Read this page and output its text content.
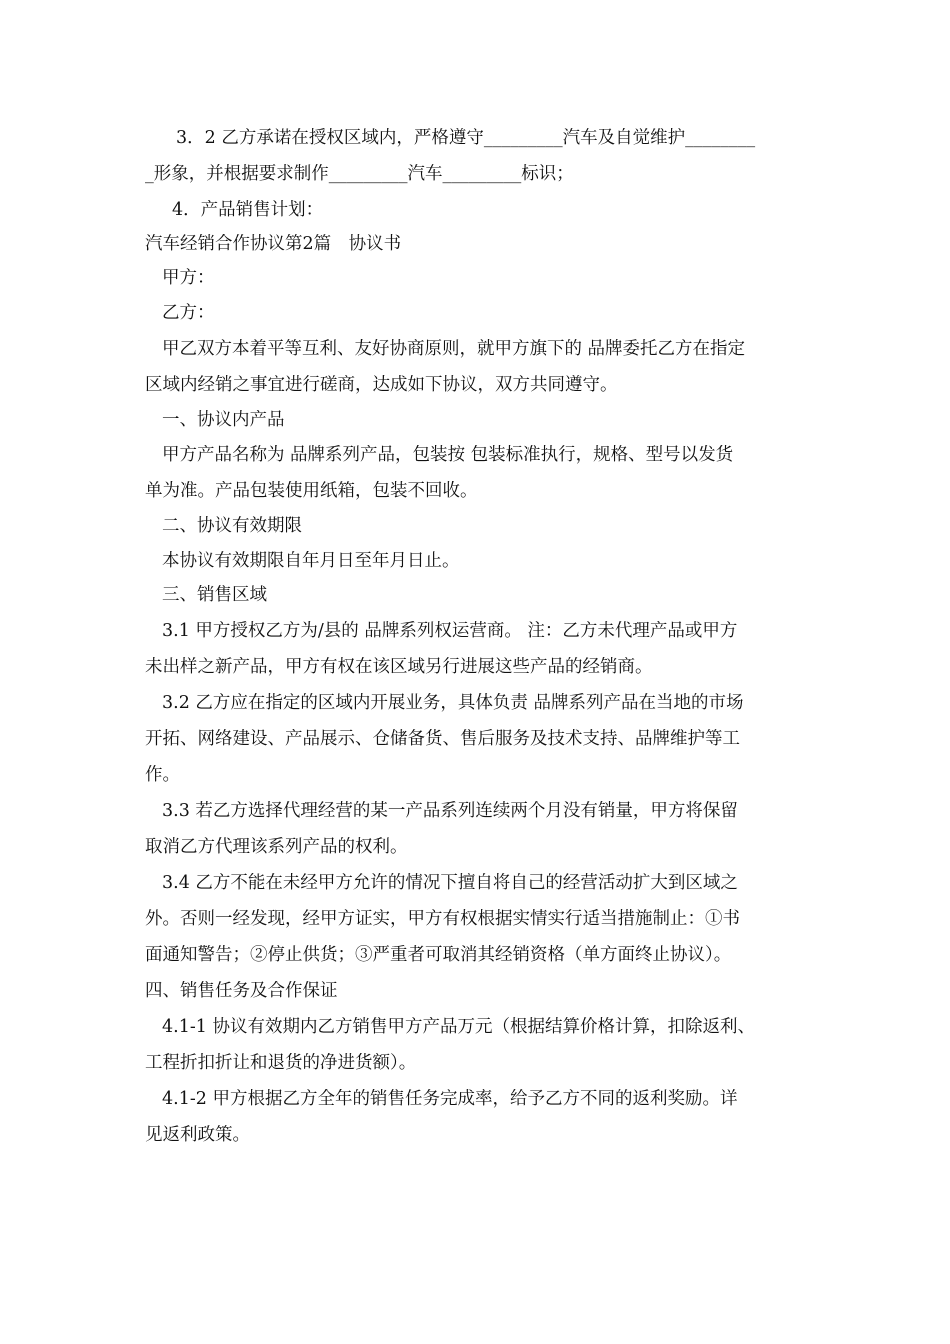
3．2 乙方承诺在授权区域内，严格遵守_________汽车及自觉维护________
_形象，并根据要求制作_________汽车_________标识；
4．产品销售计划：
汽车经销合作协议第2篇　协议书
甲方：
乙方：
甲乙双方本着平等互利、友好协商原则，就甲方旗下的 品牌委托乙方在指定
区域内经销之事宜进行磋商，达成如下协议，双方共同遵守。
一、协议内产品
甲方产品名称为 品牌系列产品，包装按 包装标准执行，规格、型号以发货
单为准。产品包装使用纸箱，包装不回收。
二、协议有效期限
本协议有效期限自年月日至年月日止。
三、销售区域
3.1 甲方授权乙方为/县的 品牌系列权运营商。 注：乙方未代理产品或甲方
未出样之新产品，甲方有权在该区域另行进展这些产品的经销商。
3.2 乙方应在指定的区域内开展业务，具体负责 品牌系列产品在当地的市场
开拓、网络建设、产品展示、仓储备货、售后服务及技术支持、品牌维护等工
作。
3.3 若乙方选择代理经营的某一产品系列连续两个月没有销量，甲方将保留
取消乙方代理该系列产品的权利。
3.4 乙方不能在未经甲方允许的情况下擅自将自己的经营活动扩大到区域之
外。否则一经发现，经甲方证实，甲方有权根据实情实行适当措施制止：①书
面通知警告；②停止供货；③严重者可取消其经销资格（单方面终止协议）。
四、销售任务及合作保证
4.1-1 协议有效期内乙方销售甲方产品万元（根据结算价格计算，扣除返利、
工程折扣折让和退货的净进货额）。
4.1-2 甲方根据乙方全年的销售任务完成率，给予乙方不同的返利奖励。详
见返利政策。
